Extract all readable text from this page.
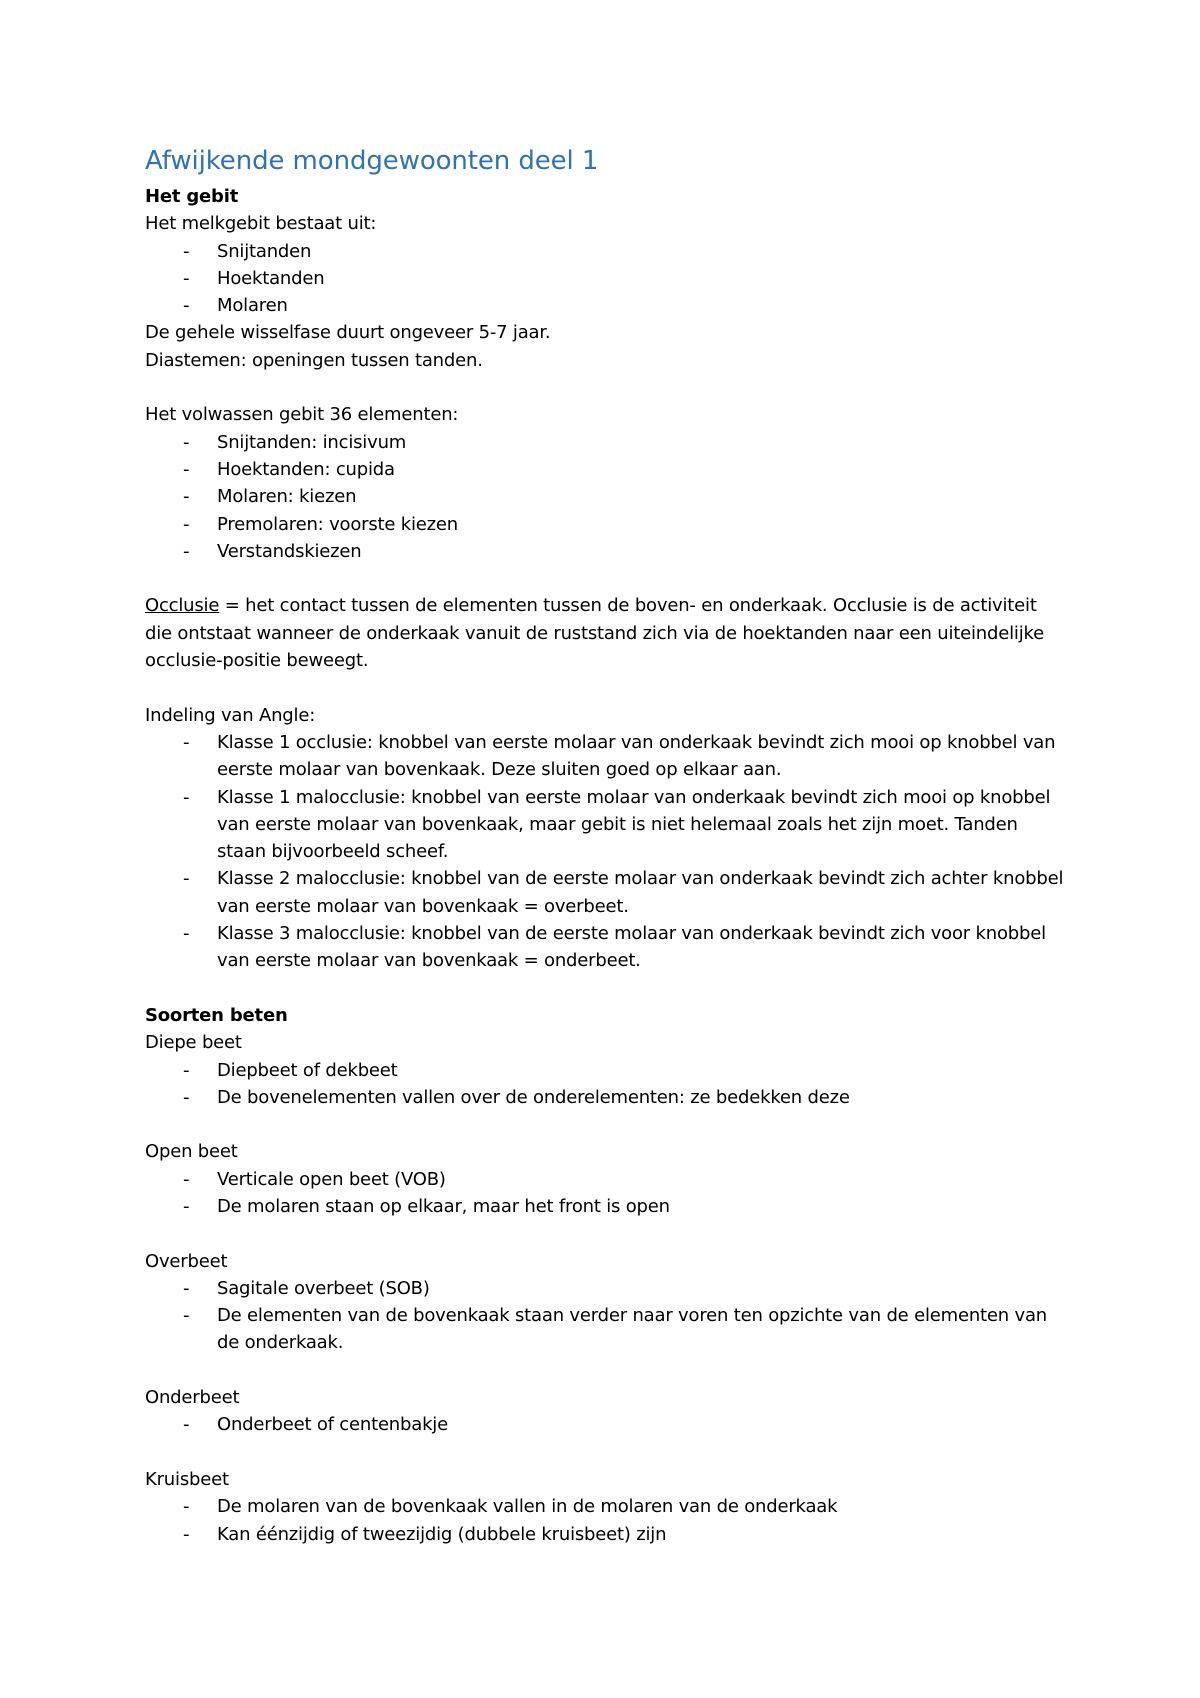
Afwijkende mondgewoonten deel 1

Het gebit

Het melkgebit bestaat uit:

- Snijtanden
- Hoektanden
- Molaren

De gehele wisselfase duurt ongeveer 5-7 jaar.

Diastemen: openingen tussen tanden.

Het volwassen gebit 36 elementen:

- Snijtanden: incisivum
- Hoektanden: cupida
- Molaren: kiezen
- Premolaren: voorste kiezen
- Verstandskiezen

Occlusie = het contact tussen de elementen tussen de boven- en onderkaak. Occlusie is de activiteit die ontstaat wanneer de onderkaak vanuit de ruststand zich via de hoektanden naar een uiteindelijke occlusie-positie beweegt.

Indeling van Angle:

- Klasse 1 occlusie: knobbel van eerste molaar van onderkaak bevindt zich mooi op knobbel van eerste molaar van bovenkaak. Deze sluiten goed op elkaar aan.
- Klasse 1 malocclusie: knobbel van eerste molaar van onderkaak bevindt zich mooi op knobbel van eerste molaar van bovenkaak, maar gebit is niet helemaal zoals het zijn moet. Tanden staan bijvoorbeeld scheef.
- Klasse 2 malocclusie: knobbel van de eerste molaar van onderkaak bevindt zich achter knobbel van eerste molaar van bovenkaak = overbeet.
- Klasse 3 malocclusie: knobbel van de eerste molaar van onderkaak bevindt zich voor knobbel van eerste molaar van bovenkaak = onderbeet.

Soorten beten

Diepe beet

- Diepbeet of dekbeet
- De bovenelementen vallen over de onderelementen: ze bedekken deze

Open beet

- Verticale open beet (VOB)
- De molaren staan op elkaar, maar het front is open

Overbeet

- Sagitale overbeet (SOB)
- De elementen van de bovenkaak staan verder naar voren ten opzichte van de elementen van de onderkaak.

Onderbeet

- Onderbeet of centenbakje

Kruisbeet

- De molaren van de bovenkaak vallen in de molaren van de onderkaak
- Kan éénzijdig of tweezijdig (dubbele kruisbeet) zijn
